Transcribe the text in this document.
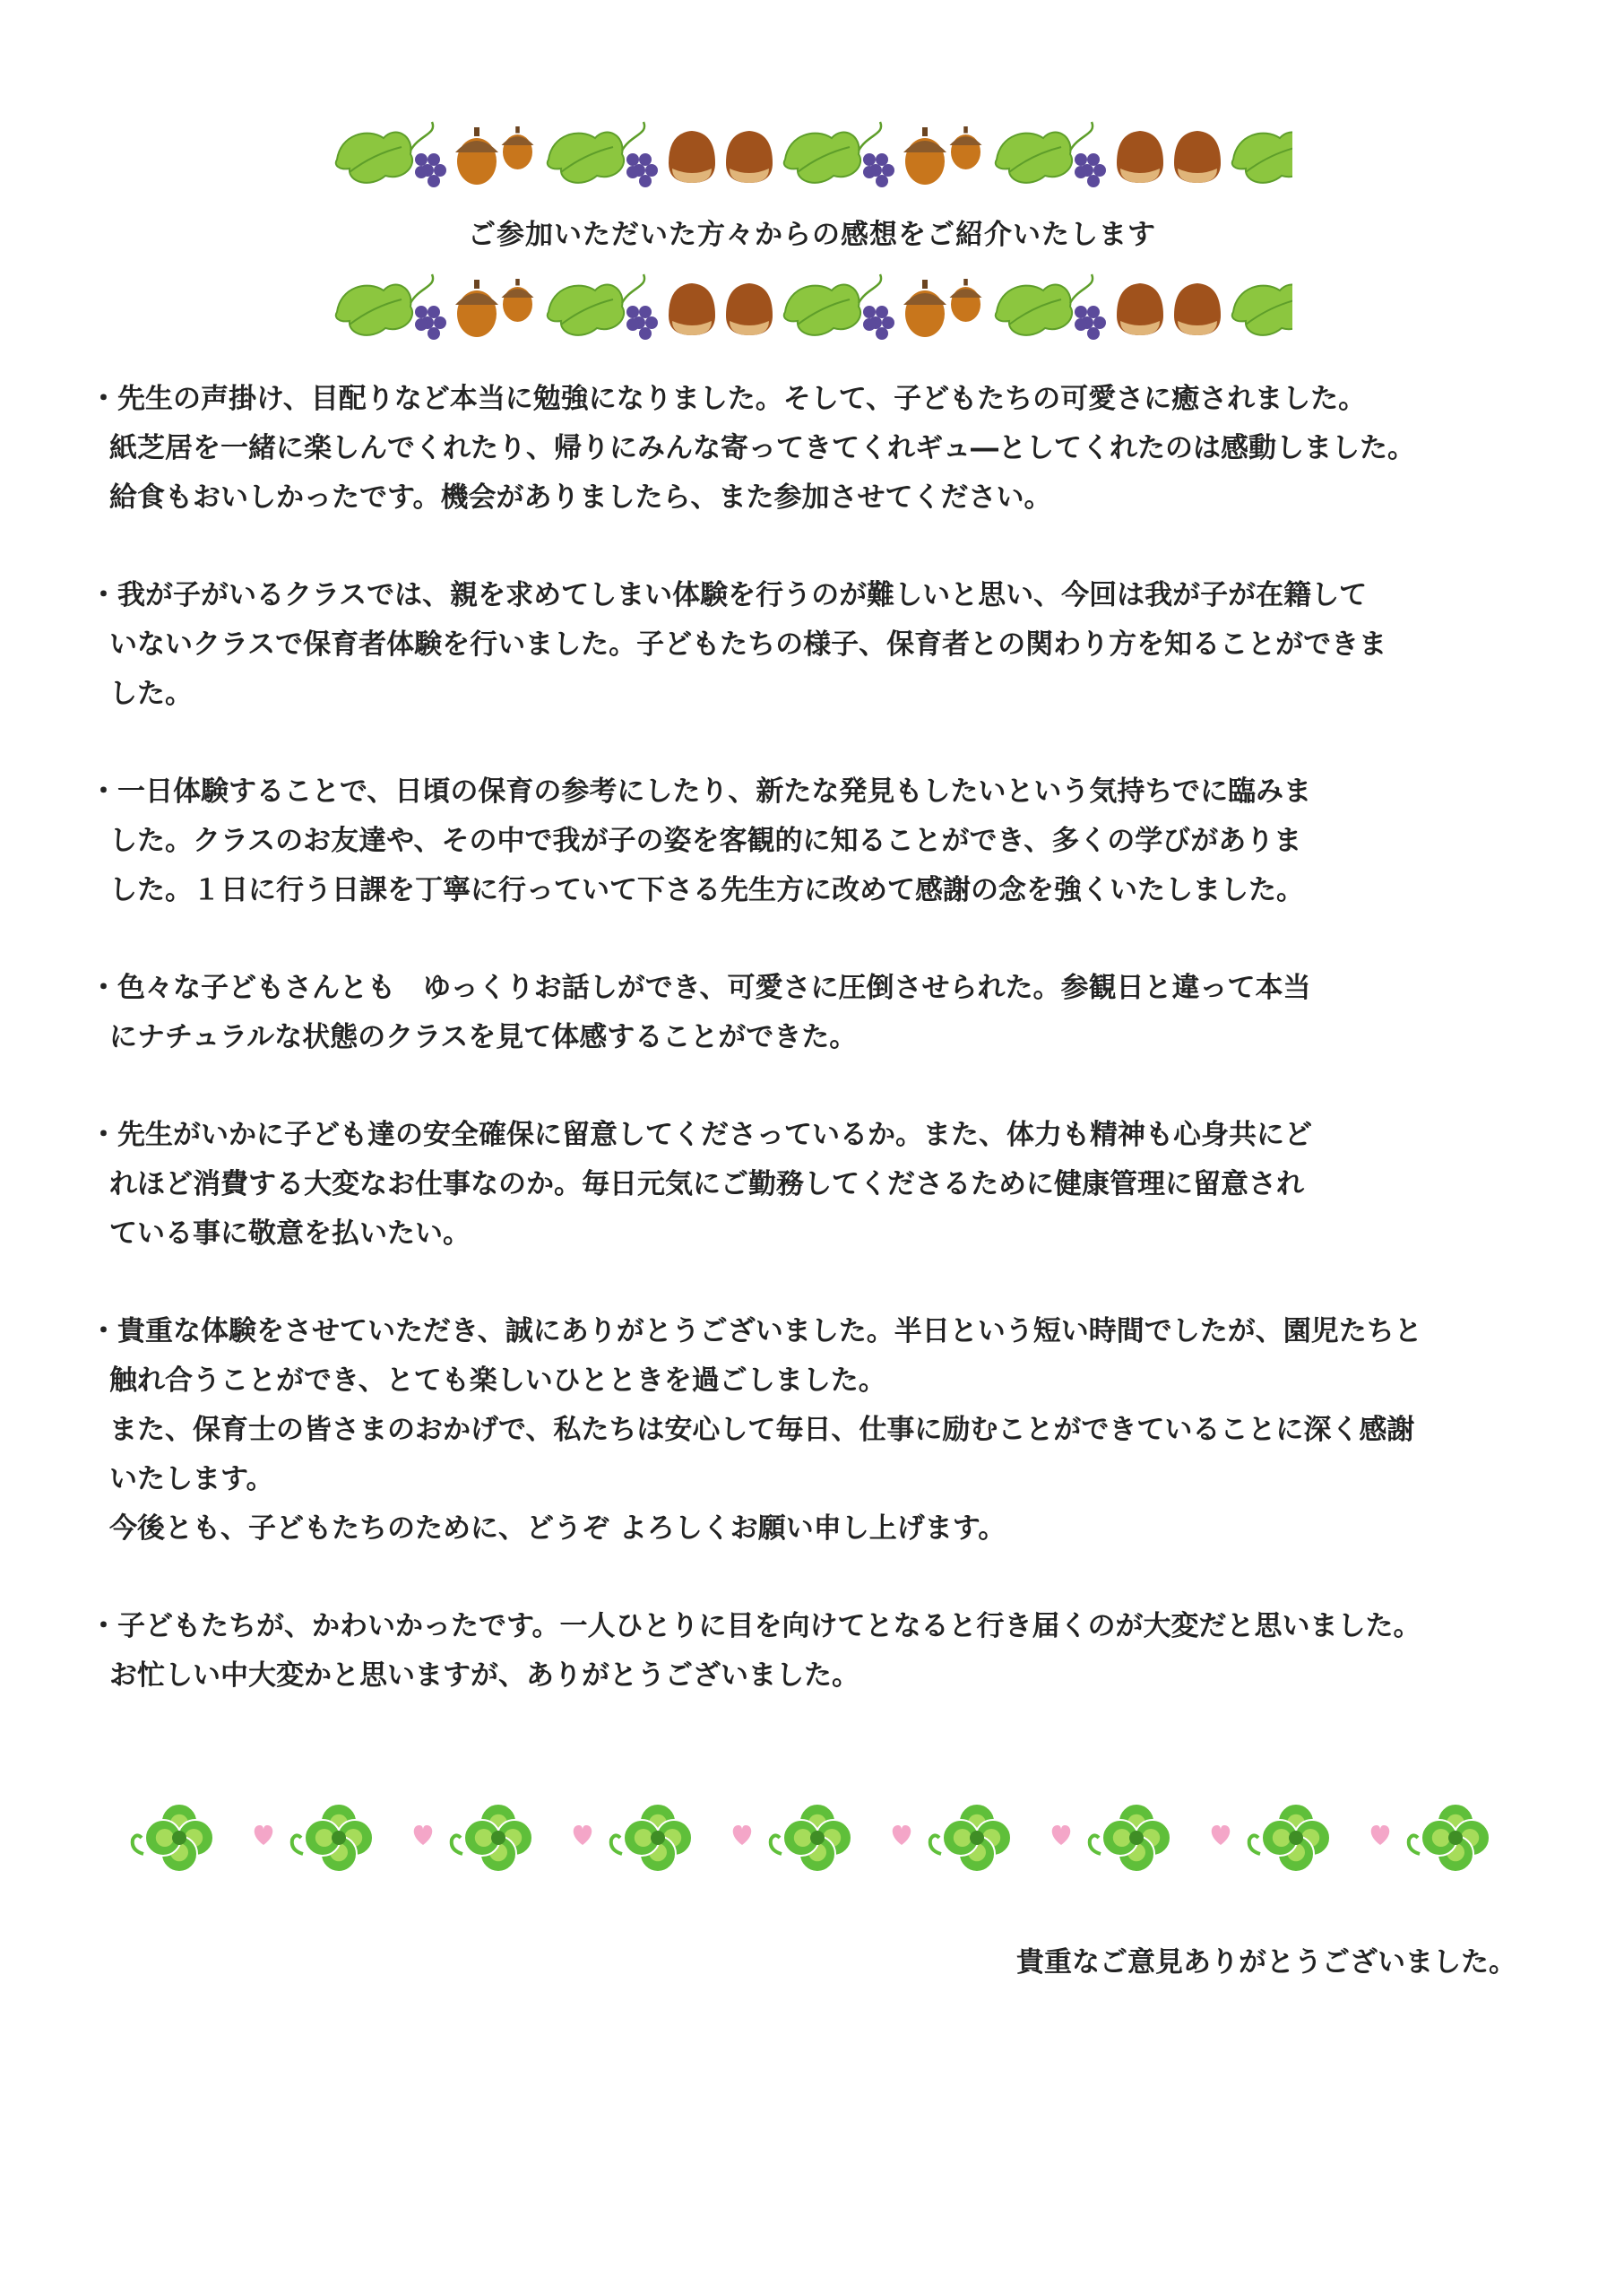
ご参加いただいた方々からの感想をご紹介いたします
・先生の声掛け、目配りなど本当に勉強になりました。そして、子どもたちの可愛さに癒されました。
紙芝居を一緒に楽しんでくれたり、帰りにみんな寄ってきてくれギュ―としてくれたのは感動しました。
給食もおいしかったです。機会がありましたら、また参加させてください。
・我が子がいるクラスでは、親を求めてしまい体験を行うのが難しいと思い、今回は我が子が在籍して
いないクラスで保育者体験を行いました。子どもたちの様子、保育者との関わり方を知ることができま
した。
・一日体験することで、日頃の保育の参考にしたり、新たな発見もしたいという気持ちでに臨みま
した。クラスのお友達や、その中で我が子の姿を客観的に知ることができ、多くの学びがありま
した。１日に行う日課を丁寧に行っていて下さる先生方に改めて感謝の念を強くいたしました。
・色々な子どもさんとも　ゆっくりお話しができ、可愛さに圧倒させられた。参観日と違って本当
にナチュラルな状態のクラスを見て体感することができた。
・先生がいかに子ども達の安全確保に留意してくださっているか。また、体力も精神も心身共にど
れほど消費する大変なお仕事なのか。毎日元気にご勤務してくださるために健康管理に留意され
ている事に敬意を払いたい。
・貴重な体験をさせていただき、誠にありがとうございました。半日という短い時間でしたが、園児たちと
触れ合うことができ、とても楽しいひとときを過ごしました。
また、保育士の皆さまのおかげで、私たちは安心して毎日、仕事に励むことができていることに深く感謝
いたします。
今後とも、子どもたちのために、どうぞ よろしくお願い申し上げます。
・子どもたちが、かわいかったです。一人ひとりに目を向けてとなると行き届くのが大変だと思いました。
お忙しい中大変かと思いますが、ありがとうございました。
貴重なご意見ありがとうございました。
